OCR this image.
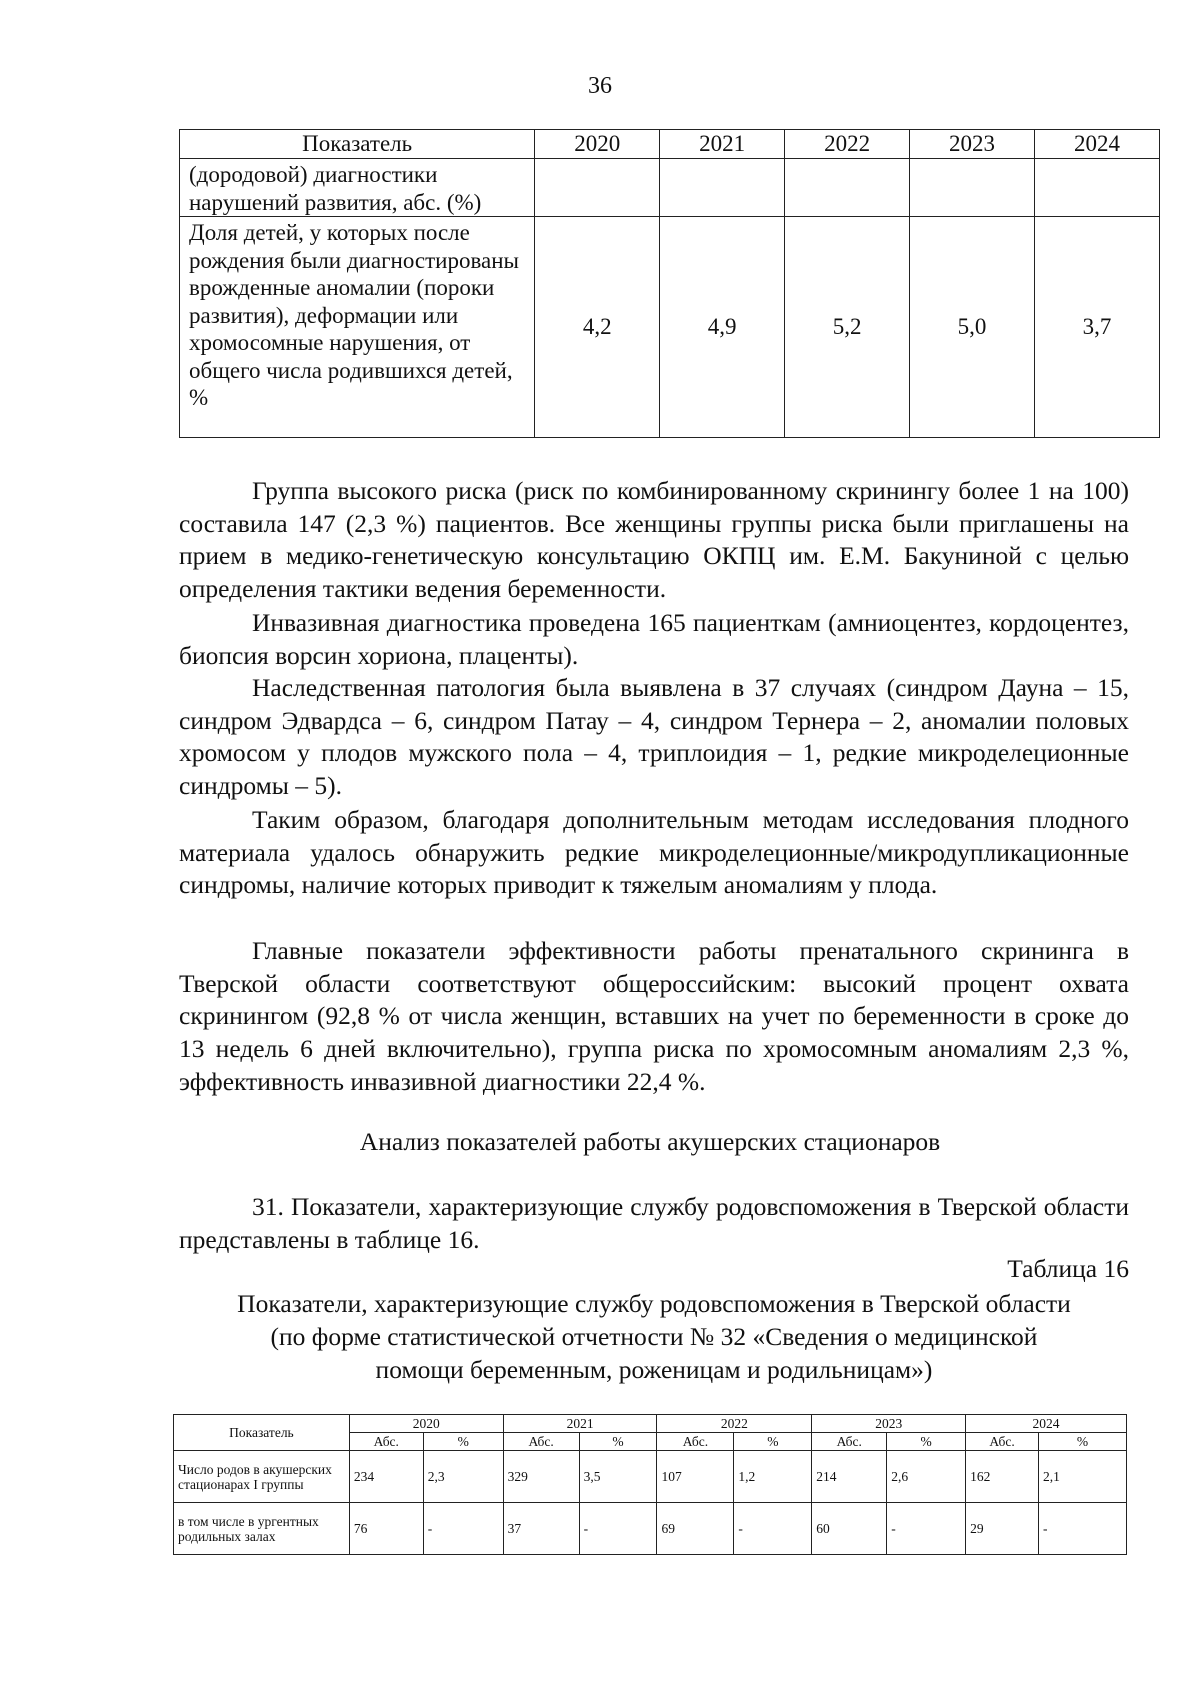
36
Показатель	2020	2021	2022	2023	2024
(дородовой) диагностики нарушений развития, абс. (%)					
Доля детей, у которых после рождения были диагностированы врожденные аномалии (пороки развития), деформации или хромосомные нарушения, от общего числа родившихся детей, %	4,2	4,9	5,2	5,0	3,7

Группа высокого риска (риск по комбинированному скринингу более 1 на 100) составила 147 (2,3 %) пациентов. Все женщины группы риска были приглашены на прием в медико-генетическую консультацию ОКПЦ им. Е.М. Бакуниной с целью определения тактики ведения беременности.

Инвазивная диагностика проведена 165 пациенткам (амниоцентез, кордоцентез, биопсия ворсин хориона, плаценты).

Наследственная патология была выявлена в 37 случаях (синдром Дауна – 15, синдром Эдвардса – 6, синдром Патау – 4, синдром Тернера – 2, аномалии половых хромосом у плодов мужского пола – 4, триплоидия – 1, редкие микроделеционные синдромы – 5).

Таким образом, благодаря дополнительным методам исследования плодного материала удалось обнаружить редкие микроделеционные/микродупликационные синдромы, наличие которых приводит к тяжелым аномалиям у плода.

Главные показатели эффективности работы пренатального скрининга в Тверской области соответствуют общероссийским: высокий процент охвата скринингом (92,8 % от числа женщин, вставших на учет по беременности в сроке до 13 недель 6 дней включительно), группа риска по хромосомным аномалиям 2,3 %, эффективность инвазивной диагностики 22,4 %.

Анализ показателей работы акушерских стационаров

31. Показатели, характеризующие службу родовспоможения в Тверской области представлены в таблице 16.

Таблица 16

Показатели, характеризующие службу родовспоможения в Тверской области
(по форме статистической отчетности № 32 «Сведения о медицинской
помощи беременным, роженицам и родильницам»)

Показатель	2020		2021		2022		2023		2024	
	Абс.	%	Абс.	%	Абс.	%	Абс.	%	Абс.	%
Число родов в акушерских стационарах I группы	234	2,3	329	3,5	107	1,2	214	2,6	162	2,1
в том числе в ургентных родильных залах	76	-	37	-	69	-	60	-	29	-
